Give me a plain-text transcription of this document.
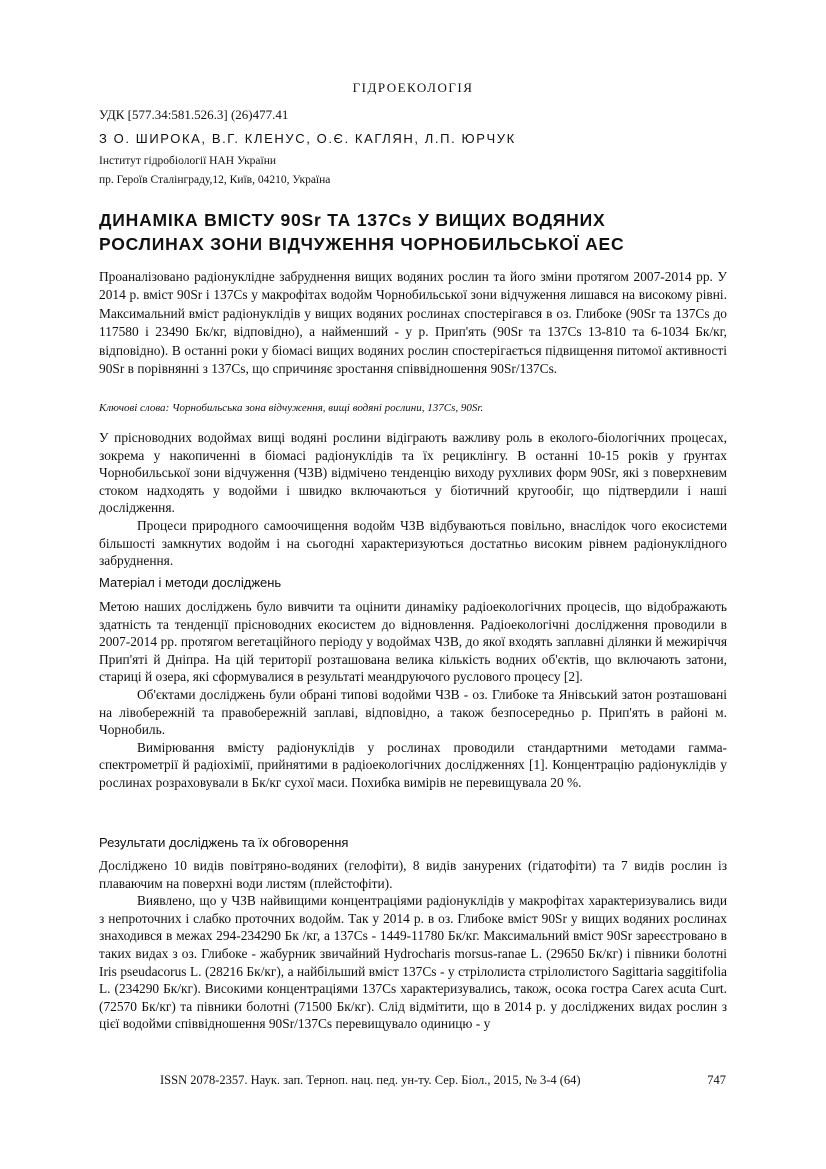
ГІДРОЕКОЛОГІЯ
УДК [577.34:581.526.3] (26)477.41
З О. ШИРОКА, В.Г. КЛЕНУС, О.Є. КАГЛЯН, Л.П. ЮРЧУК
Інститут гідробіології НАН України
пр. Героїв Сталінграду,12, Київ, 04210, Україна
ДИНАМІКА ВМІСТУ 90Sr ТА 137Cs У ВИЩИХ ВОДЯНИХ
РОСЛИНАХ ЗОНИ ВІДЧУЖЕННЯ ЧОРНОБИЛЬСЬКОЇ АЕС

Проаналізовано радіонуклідне забруднення вищих водяних рослин та його зміни протягом 2007-2014 рр. У 2014 р. вміст 90Sr і 137Cs у макрофітах водойм Чорнобильської зони відчуження лишався на високому рівні. Максимальний вміст радіонуклідів у вищих водяних рослинах спостерігався в оз. Глибоке (90Sr та 137Cs до 117580 і 23490 Бк/кг, відповідно), а найменший - у р. Прип'ять (90Sr та 137Cs 13-810 та 6-1034 Бк/кг, відповідно). В останні роки у біомасі вищих водяних рослин спостерігається підвищення питомої активності 90Sr в порівнянні з 137Cs, що спричиняє зростання співвідношення 90Sr/137Cs.

Ключові слова: Чорнобильська зона відчуження, вищі водяні рослини, 137Cs, 90Sr.

У прісноводних водоймах вищі водяні рослини відіграють важливу роль в еколого-біологічних процесах, зокрема у накопиченні в біомасі радіонуклідів та їх рециклінгу. В останні 10-15 років у ґрунтах Чорнобильської зони відчуження (ЧЗВ) відмічено тенденцію виходу рухливих форм 90Sr, які з поверхневим стоком надходять у водойми і швидко включаються у біотичний кругообіг, що підтвердили і наші дослідження.

Процеси природного самоочищення водойм ЧЗВ відбуваються повільно, внаслідок чого екосистеми більшості замкнутих водойм і на сьогодні характеризуються достатньо високим рівнем радіонуклідного забруднення.

Матеріал і методи досліджень

Метою наших досліджень було вивчити та оцінити динаміку радіоекологічних процесів, що відображають здатність та тенденції прісноводних екосистем до відновлення. Радіоекологічні дослідження проводили в 2007-2014 рр. протягом вегетаційного періоду у водоймах ЧЗВ, до якої входять заплавні ділянки й межиріччя Прип'яті й Дніпра. На цій території розташована велика кількість водних об'єктів, що включають затони, стариці й озера, які сформувалися в результаті меандруючого руслового процесу [2].

Об'єктами досліджень були обрані типові водойми ЧЗВ - оз. Глибоке та Янівський затон розташовані на лівобережній та правобережній заплаві, відповідно, а також безпосередньо р. Прип'ять в районі м. Чорнобиль.

Вимірювання вмісту радіонуклідів у рослинах проводили стандартними методами гамма-спектрометрії й радіохімії, прийнятими в радіоекологічних дослідженнях [1]. Концентрацію радіонуклідів у рослинах розраховували в Бк/кг сухої маси. Похибка вимірів не перевищувала 20 %.

Результати досліджень та їх обговорення

Досліджено 10 видів повітряно-водяних (гелофіти), 8 видів занурених (гідатофіти) та 7 видів рослин із плаваючим на поверхні води листям (плейстофіти).

Виявлено, що у ЧЗВ найвищими концентраціями радіонуклідів у макрофітах характеризувались види з непроточних і слабко проточних водойм. Так у 2014 р. в оз. Глибоке вміст 90Sr у вищих водяних рослинах знаходився в межах 294-234290 Бк /кг, а 137Cs - 1449-11780 Бк/кг. Максимальний вміст 90Sr зареєстровано в таких видах з оз. Глибоке - жабурник звичайний Hydrocharis morsus-ranae L. (29650 Бк/кг) і півники болотні Iris pseudacorus L. (28216 Бк/кг), а найбільший вміст 137Cs - у стрілолиста стрілолистого Sagittaria saggitifolia L. (234290 Бк/кг). Високими концентраціями 137Cs характеризувались, також, осока гостра Carex acuta Curt. (72570 Бк/кг) та півники болотні (71500 Бк/кг). Слід відмітити, що в 2014 р. у досліджених видах рослин з цієї водойми співвідношення 90Sr/137Cs перевищувало одиницю - у

ISSN 2078-2357. Наук. зап. Терноп. нац. пед. ун-ту. Сер. Біол., 2015, № 3-4 (64)	747
